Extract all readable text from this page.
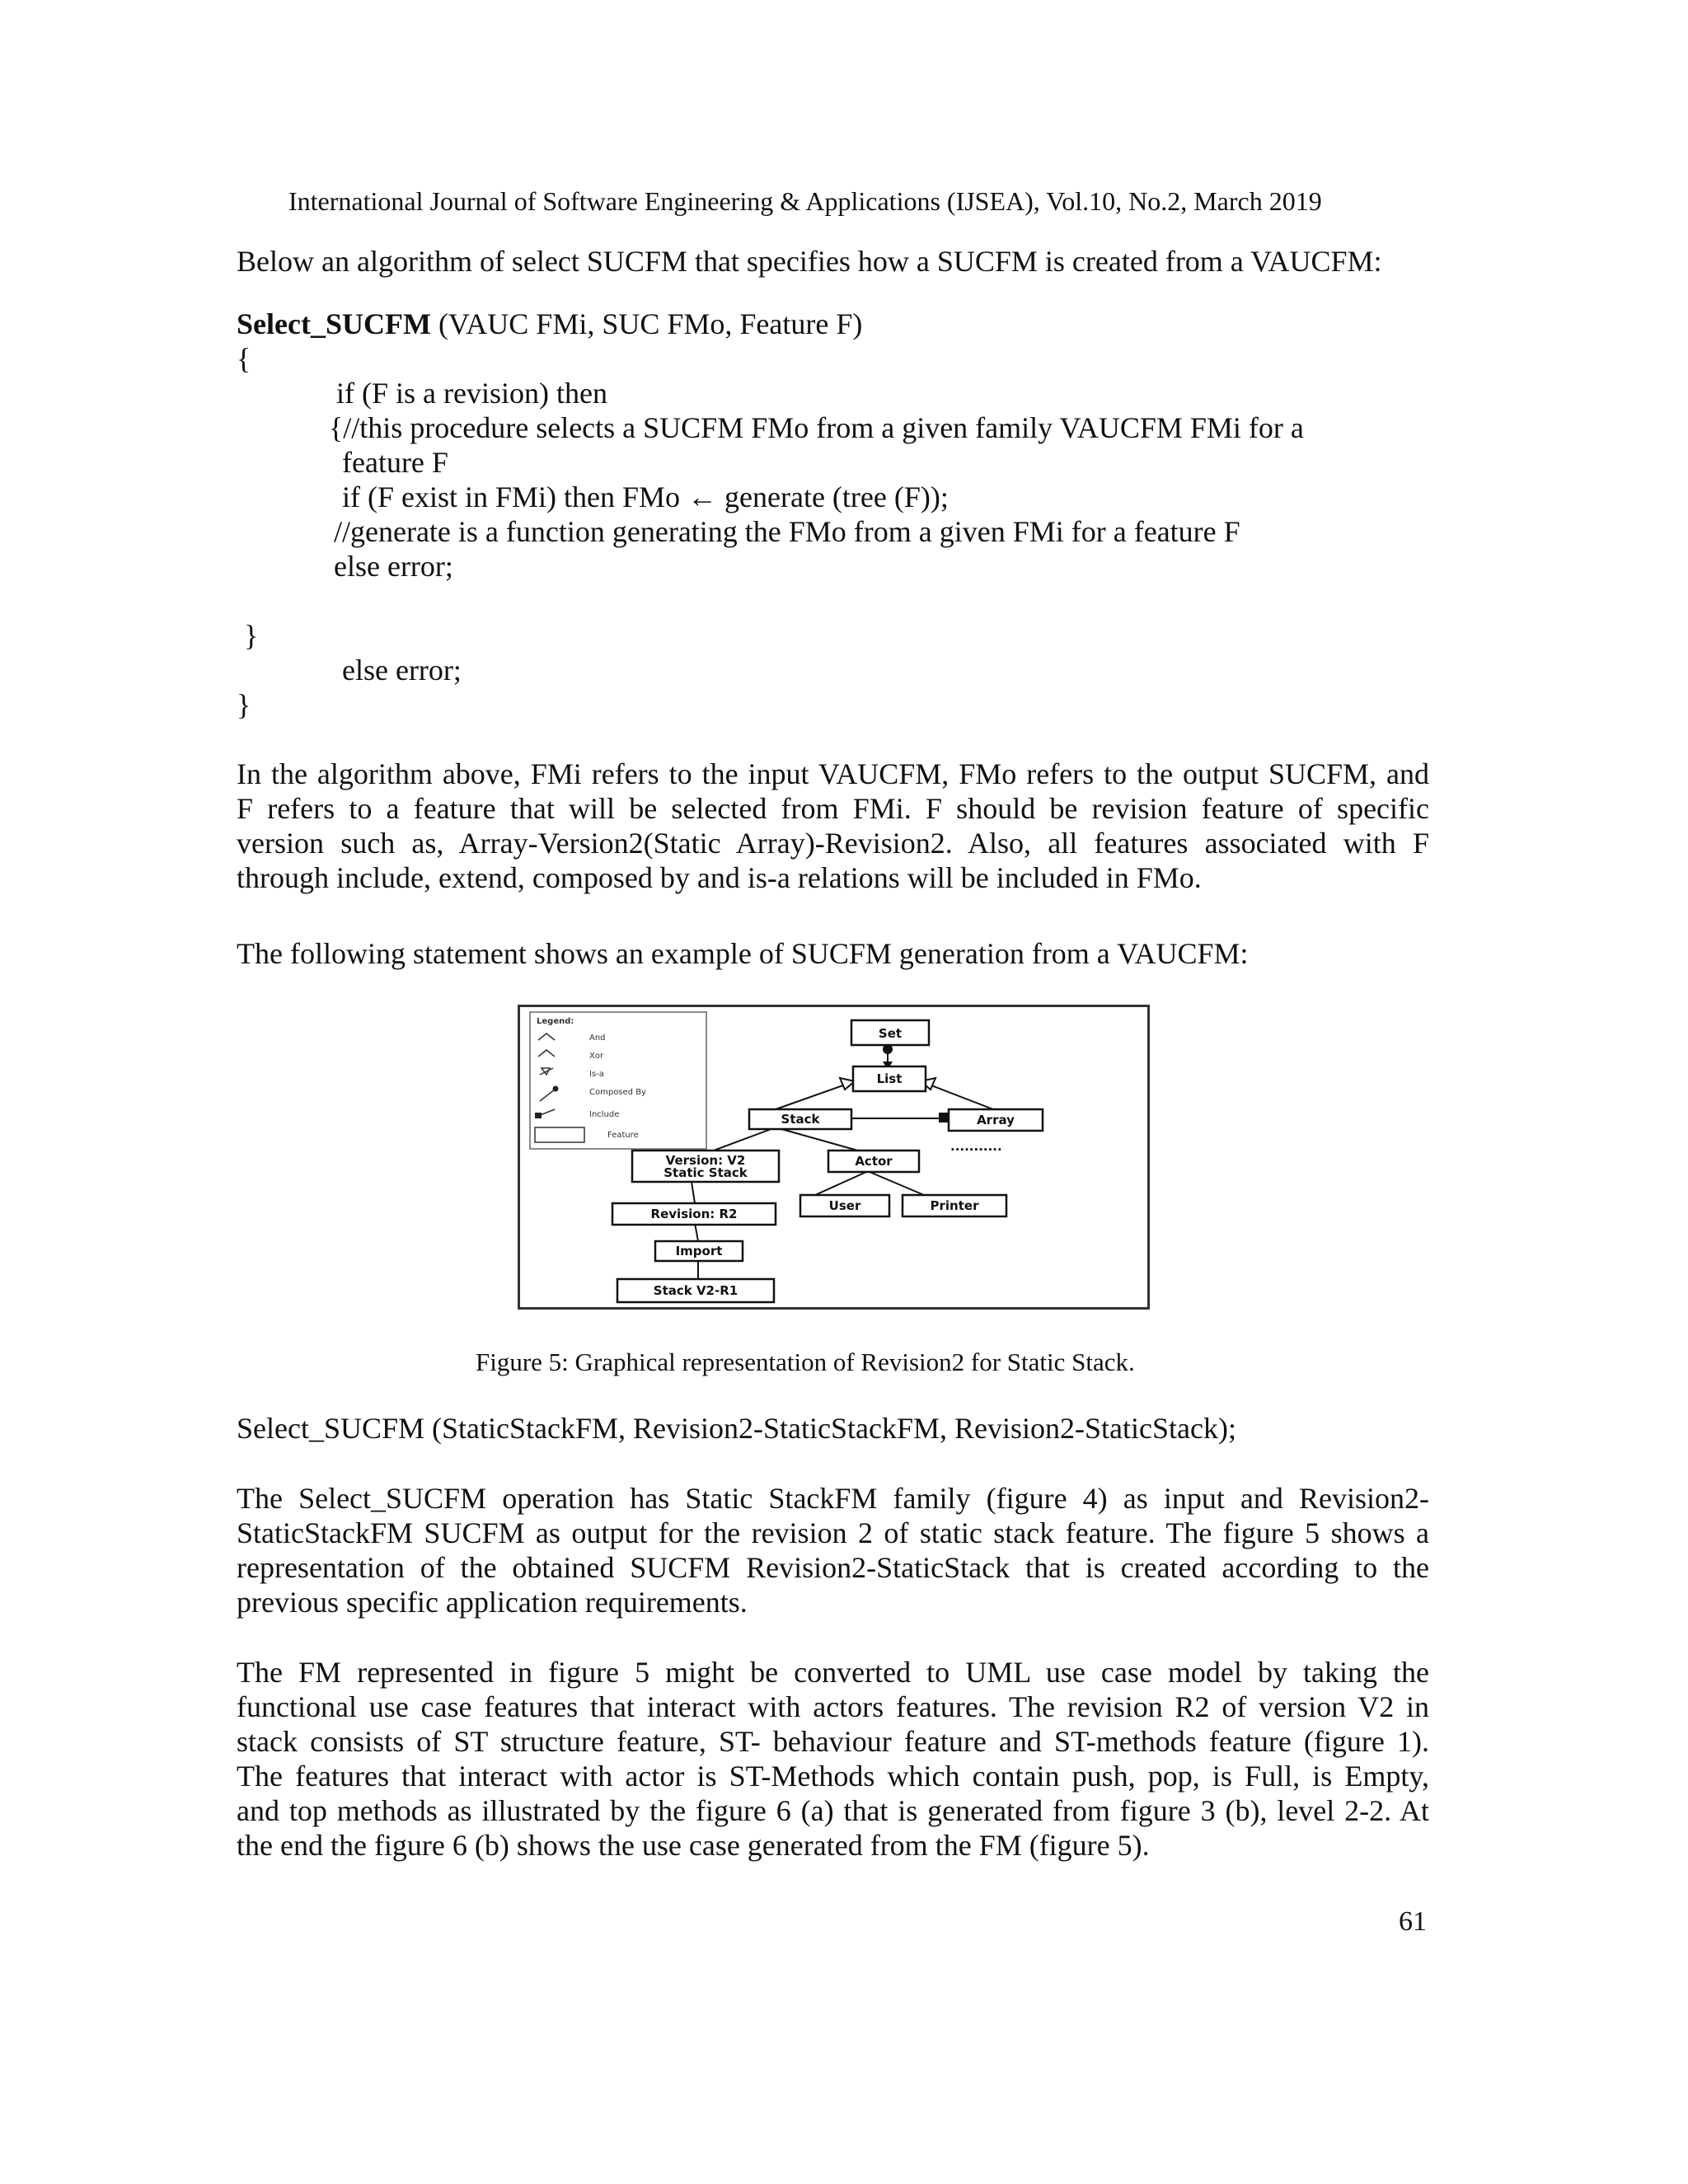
International Journal of Software Engineering & Applications (IJSEA), Vol.10, No.2, March 2019
Below an algorithm of select SUCFM that specifies how a SUCFM is created from a VAUCFM:
Select_SUCFM (VAUC FMi, SUC FMo, Feature F)
{
if (F is a revision) then
{//this procedure selects a SUCFM FMo from a given family VAUCFM FMi for a
feature F
if (F exist in FMi) then FMo ← generate (tree (F));
//generate is a function generating the FMo from a given FMi for a feature F
else error;
}
else error;
}
In the algorithm above, FMi refers to the input VAUCFM, FMo refers to the output SUCFM, and
F refers to a feature that will be selected from FMi. F should be revision feature of specific
version such as, Array-Version2(Static Array)-Revision2. Also, all features associated with F
through include, extend, composed by and is-a relations will be included in FMo.
The following statement shows an example of SUCFM generation from a VAUCFM:
Legend:
And
Xor
Is-a
Composed By
Include
Feature
Set
List
Stack	Array
...........
Version: V2
Static Stack
Actor
User	Printer
Revision: R2
Import
Stack V2-R1
Figure 5: Graphical representation of Revision2 for Static Stack.
Select_SUCFM (StaticStackFM, Revision2-StaticStackFM, Revision2-StaticStack);
The Select_SUCFM operation has Static StackFM family (figure 4) as input and Revision2-
StaticStackFM SUCFM as output for the revision 2 of static stack feature. The figure 5 shows a
representation of the obtained SUCFM Revision2-StaticStack that is created according to the
previous specific application requirements.
The FM represented in figure 5 might be converted to UML use case model by taking the
functional use case features that interact with actors features. The revision R2 of version V2 in
stack consists of ST structure feature, ST- behaviour feature and ST-methods feature (figure 1).
The features that interact with actor is ST-Methods which contain push, pop, is Full, is Empty,
and top methods as illustrated by the figure 6 (a) that is generated from figure 3 (b), level 2-2. At
the end the figure 6 (b) shows the use case generated from the FM (figure 5).
61
